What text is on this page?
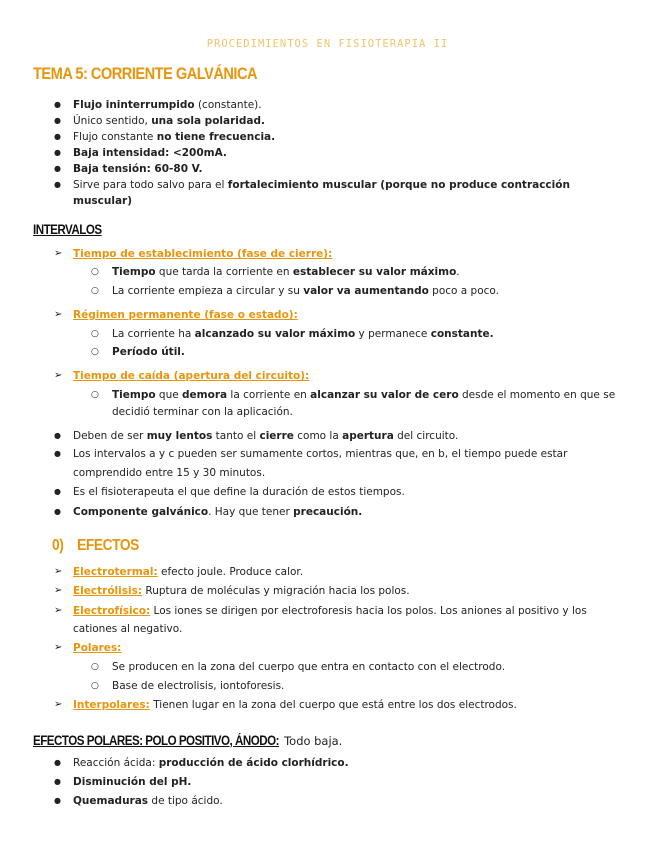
PROCEDIMIENTOS EN FISIOTERAPIA II
TEMA 5: CORRIENTE GALVÁNICA
INTERVALOS
0) EFECTOS
EFECTOS POLARES: POLO POSITIVO, ÁNODO: Todo baja.
● Flujo ininterrumpido (constante).
● Único sentido, una sola polaridad.
● Flujo constante no tiene frecuencia.
● Baja intensidad: <200mA.
● Baja tensión: 60-80 V.
● Sirve para todo salvo para el fortalecimiento muscular (porque no produce contracción
muscular)
➢ Tiempo de establecimiento (fase de cierre):
○ Tiempo que tarda la corriente en establecer su valor máximo.
○ La corriente empieza a circular y su valor va aumentando poco a poco.
➢ Régimen permanente (fase o estado):
○ La corriente ha alcanzado su valor máximo y permanece constante.
○ Período útil.
➢ Tiempo de caída (apertura del circuito):
○ Tiempo que demora la corriente en alcanzar su valor de cero desde el momento en que se
decidió terminar con la aplicación.
● Deben de ser muy lentos tanto el cierre como la apertura del circuito.
● Los intervalos a y c pueden ser sumamente cortos, mientras que, en b, el tiempo puede estar
comprendido entre 15 y 30 minutos.
● Es el fisioterapeuta el que define la duración de estos tiempos.
● Componente galvánico. Hay que tener precaución.
➢ Electrotermal: efecto joule. Produce calor.
➢ Electrólisis: Ruptura de moléculas y migración hacia los polos.
➢ Electrofísico: Los iones se dirigen por electroforesis hacia los polos. Los aniones al positivo y los
cationes al negativo.
➢ Polares:
○ Se producen en la zona del cuerpo que entra en contacto con el electrodo.
○ Base de electrolisis, iontoforesis.
➢ Interpolares: Tienen lugar en la zona del cuerpo que está entre los dos electrodos.
● Reacción ácida: producción de ácido clorhídrico.
● Disminución del pH.
● Quemaduras de tipo ácido.
